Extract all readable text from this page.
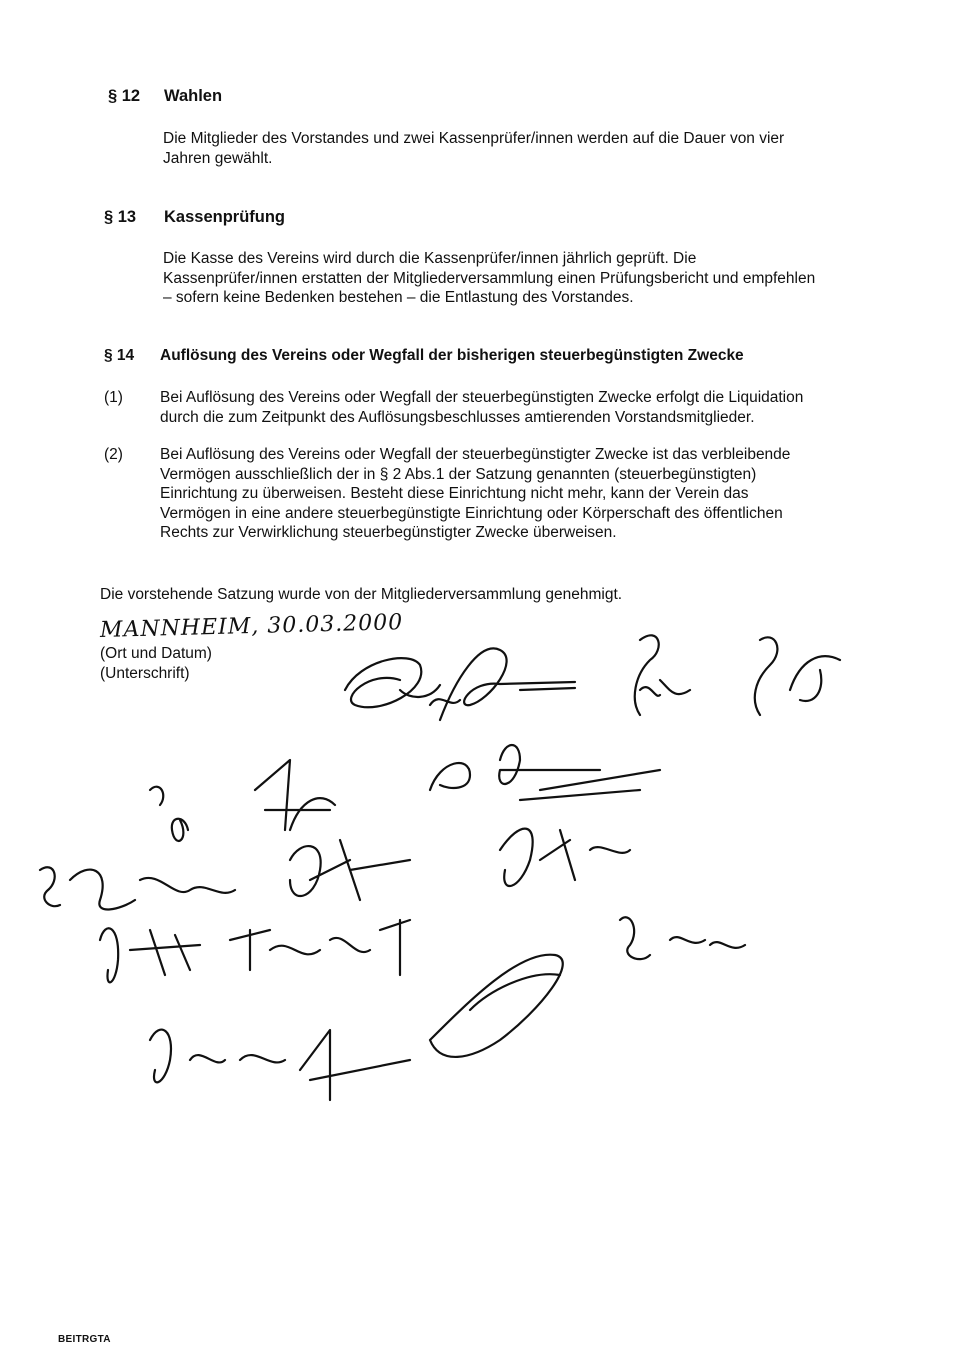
§ 12 Wahlen
Die Mitglieder des Vorstandes und zwei Kassenprüfer/innen werden auf die Dauer von vier
Jahren gewählt.
§ 13 Kassenprüfung
Die Kasse des Vereins wird durch die Kassenprüfer/innen jährlich geprüft. Die
Kassenprüfer/innen erstatten der Mitgliederversammlung einen Prüfungsbericht und empfehlen
– sofern keine Bedenken bestehen – die Entlastung des Vorstandes.
§ 14 Auflösung des Vereins oder Wegfall der bisherigen steuerbegünstigten Zwecke
(1) Bei Auflösung des Vereins oder Wegfall der steuerbegünstigten Zwecke erfolgt die Liquidation
durch die zum Zeitpunkt des Auflösungsbeschlusses amtierenden Vorstandsmitglieder.
(2) Bei Auflösung des Vereins oder Wegfall der steuerbegünstigter Zwecke ist das verbleibende
Vermögen ausschließlich der in § 2 Abs.1 der Satzung genannten (steuerbegünstigten)
Einrichtung zu überweisen. Besteht diese Einrichtung nicht mehr, kann der Verein das
Vermögen in eine andere steuerbegünstigte Einrichtung oder Körperschaft des öffentlichen
Rechts zur Verwirklichung steuerbegünstigter Zwecke überweisen.
Die vorstehende Satzung wurde von der Mitgliederversammlung genehmigt.
MANNHEIM, 30.03.2000
(Ort und Datum)
(Unterschrift)
BEITRGTA
